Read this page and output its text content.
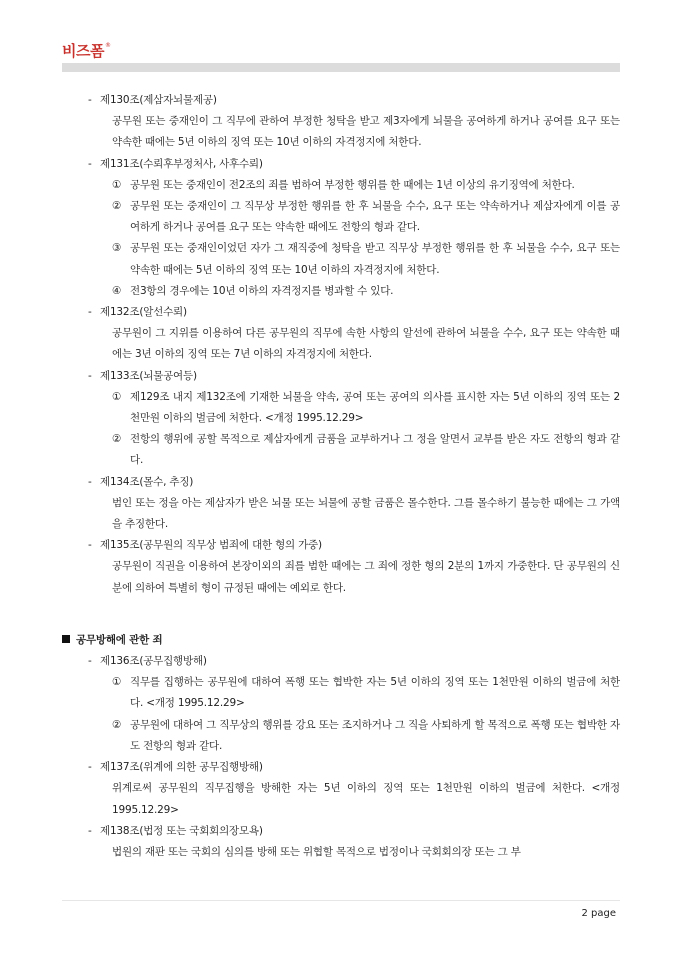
비즈폼®
- 제130조(제삼자뇌물제공)
공무원 또는 중재인이 그 직무에 관하여 부정한 청탁을 받고 제3자에게 뇌물을 공여하게 하거나 공여를 요구 또는 약속한 때에는 5년 이하의 징역 또는 10년 이하의 자격정지에 처한다.
- 제131조(수뢰후부정처사, 사후수뢰)
① 공무원 또는 중재인이 전2조의 죄를 범하여 부정한 행위를 한 때에는 1년 이상의 유기징역에 처한다.
② 공무원 또는 중재인이 그 직무상 부정한 행위를 한 후 뇌물을 수수, 요구 또는 약속하거나 제삼자에게 이를 공여하게 하거나 공여를 요구 또는 약속한 때에도 전항의 형과 같다.
③ 공무원 또는 중재인이었던 자가 그 재직중에 청탁을 받고 직무상 부정한 행위를 한 후 뇌물을 수수, 요구 또는 약속한 때에는 5년 이하의 징역 또는 10년 이하의 자격정지에 처한다.
④ 전3항의 경우에는 10년 이하의 자격정지를 병과할 수 있다.
- 제132조(알선수뢰)
공무원이 그 지위를 이용하여 다른 공무원의 직무에 속한 사항의 알선에 관하여 뇌물을 수수, 요구 또는 약속한 때에는 3년 이하의 징역 또는 7년 이하의 자격정지에 처한다.
- 제133조(뇌물공여등)
① 제129조 내지 제132조에 기재한 뇌물을 약속, 공여 또는 공여의 의사를 표시한 자는 5년 이하의 징역 또는 2천만원 이하의 벌금에 처한다. <개정 1995.12.29>
② 전항의 행위에 공할 목적으로 제삼자에게 금품을 교부하거나 그 정을 알면서 교부를 받은 자도 전항의 형과 같다.
- 제134조(몰수, 추징)
범인 또는 정을 아는 제삼자가 받은 뇌물 또는 뇌물에 공할 금품은 몰수한다. 그를 몰수하기 불능한 때에는 그 가액을 추징한다.
- 제135조(공무원의 직무상 범죄에 대한 형의 가중)
공무원이 직권을 이용하여 본장이외의 죄를 범한 때에는 그 죄에 정한 형의 2분의 1까지 가중한다. 단 공무원의 신분에 의하여 특별히 형이 규정된 때에는 예외로 한다.
공무방해에 관한 죄
- 제136조(공무집행방해)
① 직무를 집행하는 공무원에 대하여 폭행 또는 협박한 자는 5년 이하의 징역 또는 1천만원 이하의 벌금에 처한다. <개정 1995.12.29>
② 공무원에 대하여 그 직무상의 행위를 강요 또는 조지하거나 그 직을 사퇴하게 할 목적으로 폭행 또는 협박한 자도 전항의 형과 같다.
- 제137조(위계에 의한 공무집행방해)
위계로써 공무원의 직무집행을 방해한 자는 5년 이하의 징역 또는 1천만원 이하의 벌금에 처한다. <개정 1995.12.29>
- 제138조(법정 또는 국회회의장모욕)
법원의 재판 또는 국회의 심의를 방해 또는 위협할 목적으로 법정이나 국회회의장 또는 그 부
2 page
